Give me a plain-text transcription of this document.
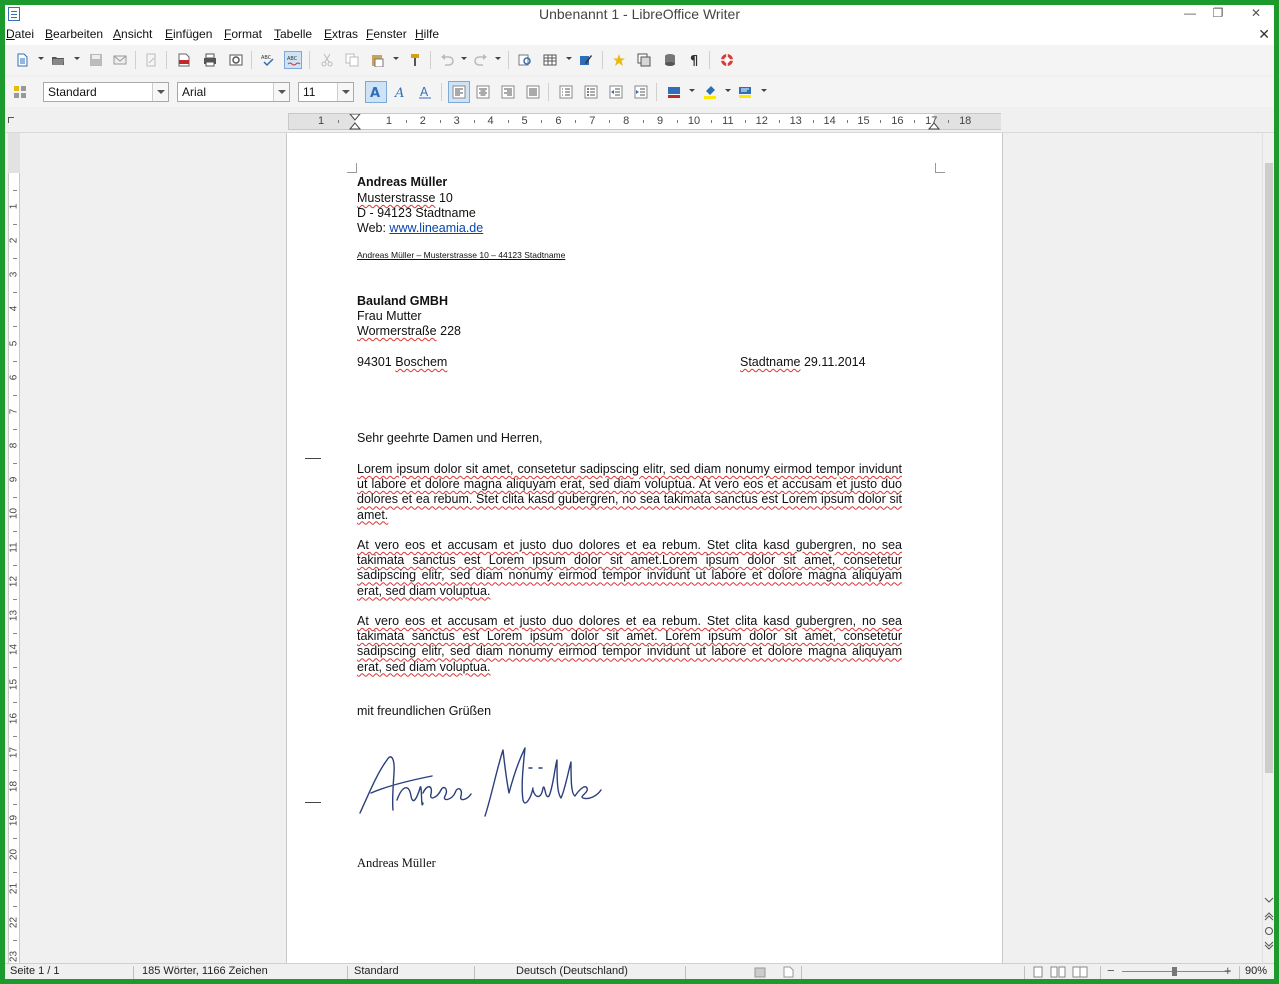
Unbenannt 1 - LibreOffice Writer	—	❐	✕
Datei Bearbeiten Ansicht Einfügen Format Tabelle Extras Fenster Hilfe	✕
ABC	ABC	¶
Standard	Arial	11	A A A
1	1	2	3	4	5	6	7	8	9	10	11	12	13	14	15	16	17	18
1
2
3
4
5
6
7
8
9
10
11
12
13
14
15
16
17
18
19
20
21
22
23
Andreas Müller
Musterstrasse 10
D - 94123 Stadtname
Web: www.lineamia.de
Andreas Müller – Musterstrasse 10 – 44123 Stadtname
Bauland GMBH
Frau Mutter
Wormerstraße 228
94301 Boschem	Stadtname 29.11.2014
Sehr geehrte Damen und Herren,
Lorem ipsum dolor sit amet, consetetur sadipscing elitr, sed diam nonumy eirmod tempor invidunt ut labore et dolore magna aliquyam erat, sed diam voluptua. At vero eos et accusam et justo duo dolores et ea rebum. Stet clita kasd gubergren, no sea takimata sanctus est Lorem ipsum dolor sit amet.
At vero eos et accusam et justo duo dolores et ea rebum. Stet clita kasd gubergren, no sea takimata sanctus est Lorem ipsum dolor sit amet.Lorem ipsum dolor sit amet, consetetur sadipscing elitr, sed diam nonumy eirmod tempor invidunt ut labore et dolore magna aliquyam erat, sed diam voluptua.
At vero eos et accusam et justo duo dolores et ea rebum. Stet clita kasd gubergren, no sea takimata sanctus est Lorem ipsum dolor sit amet. Lorem ipsum dolor sit amet, consetetur sadipscing elitr, sed diam nonumy eirmod tempor invidunt ut labore et dolore magna aliquyam erat, sed diam voluptua.
mit freundlichen Grüßen
Andreas Müller
Seite 1 / 1	185 Wörter, 1166 Zeichen	Standard	Deutsch (Deutschland)	−	+ 90%
